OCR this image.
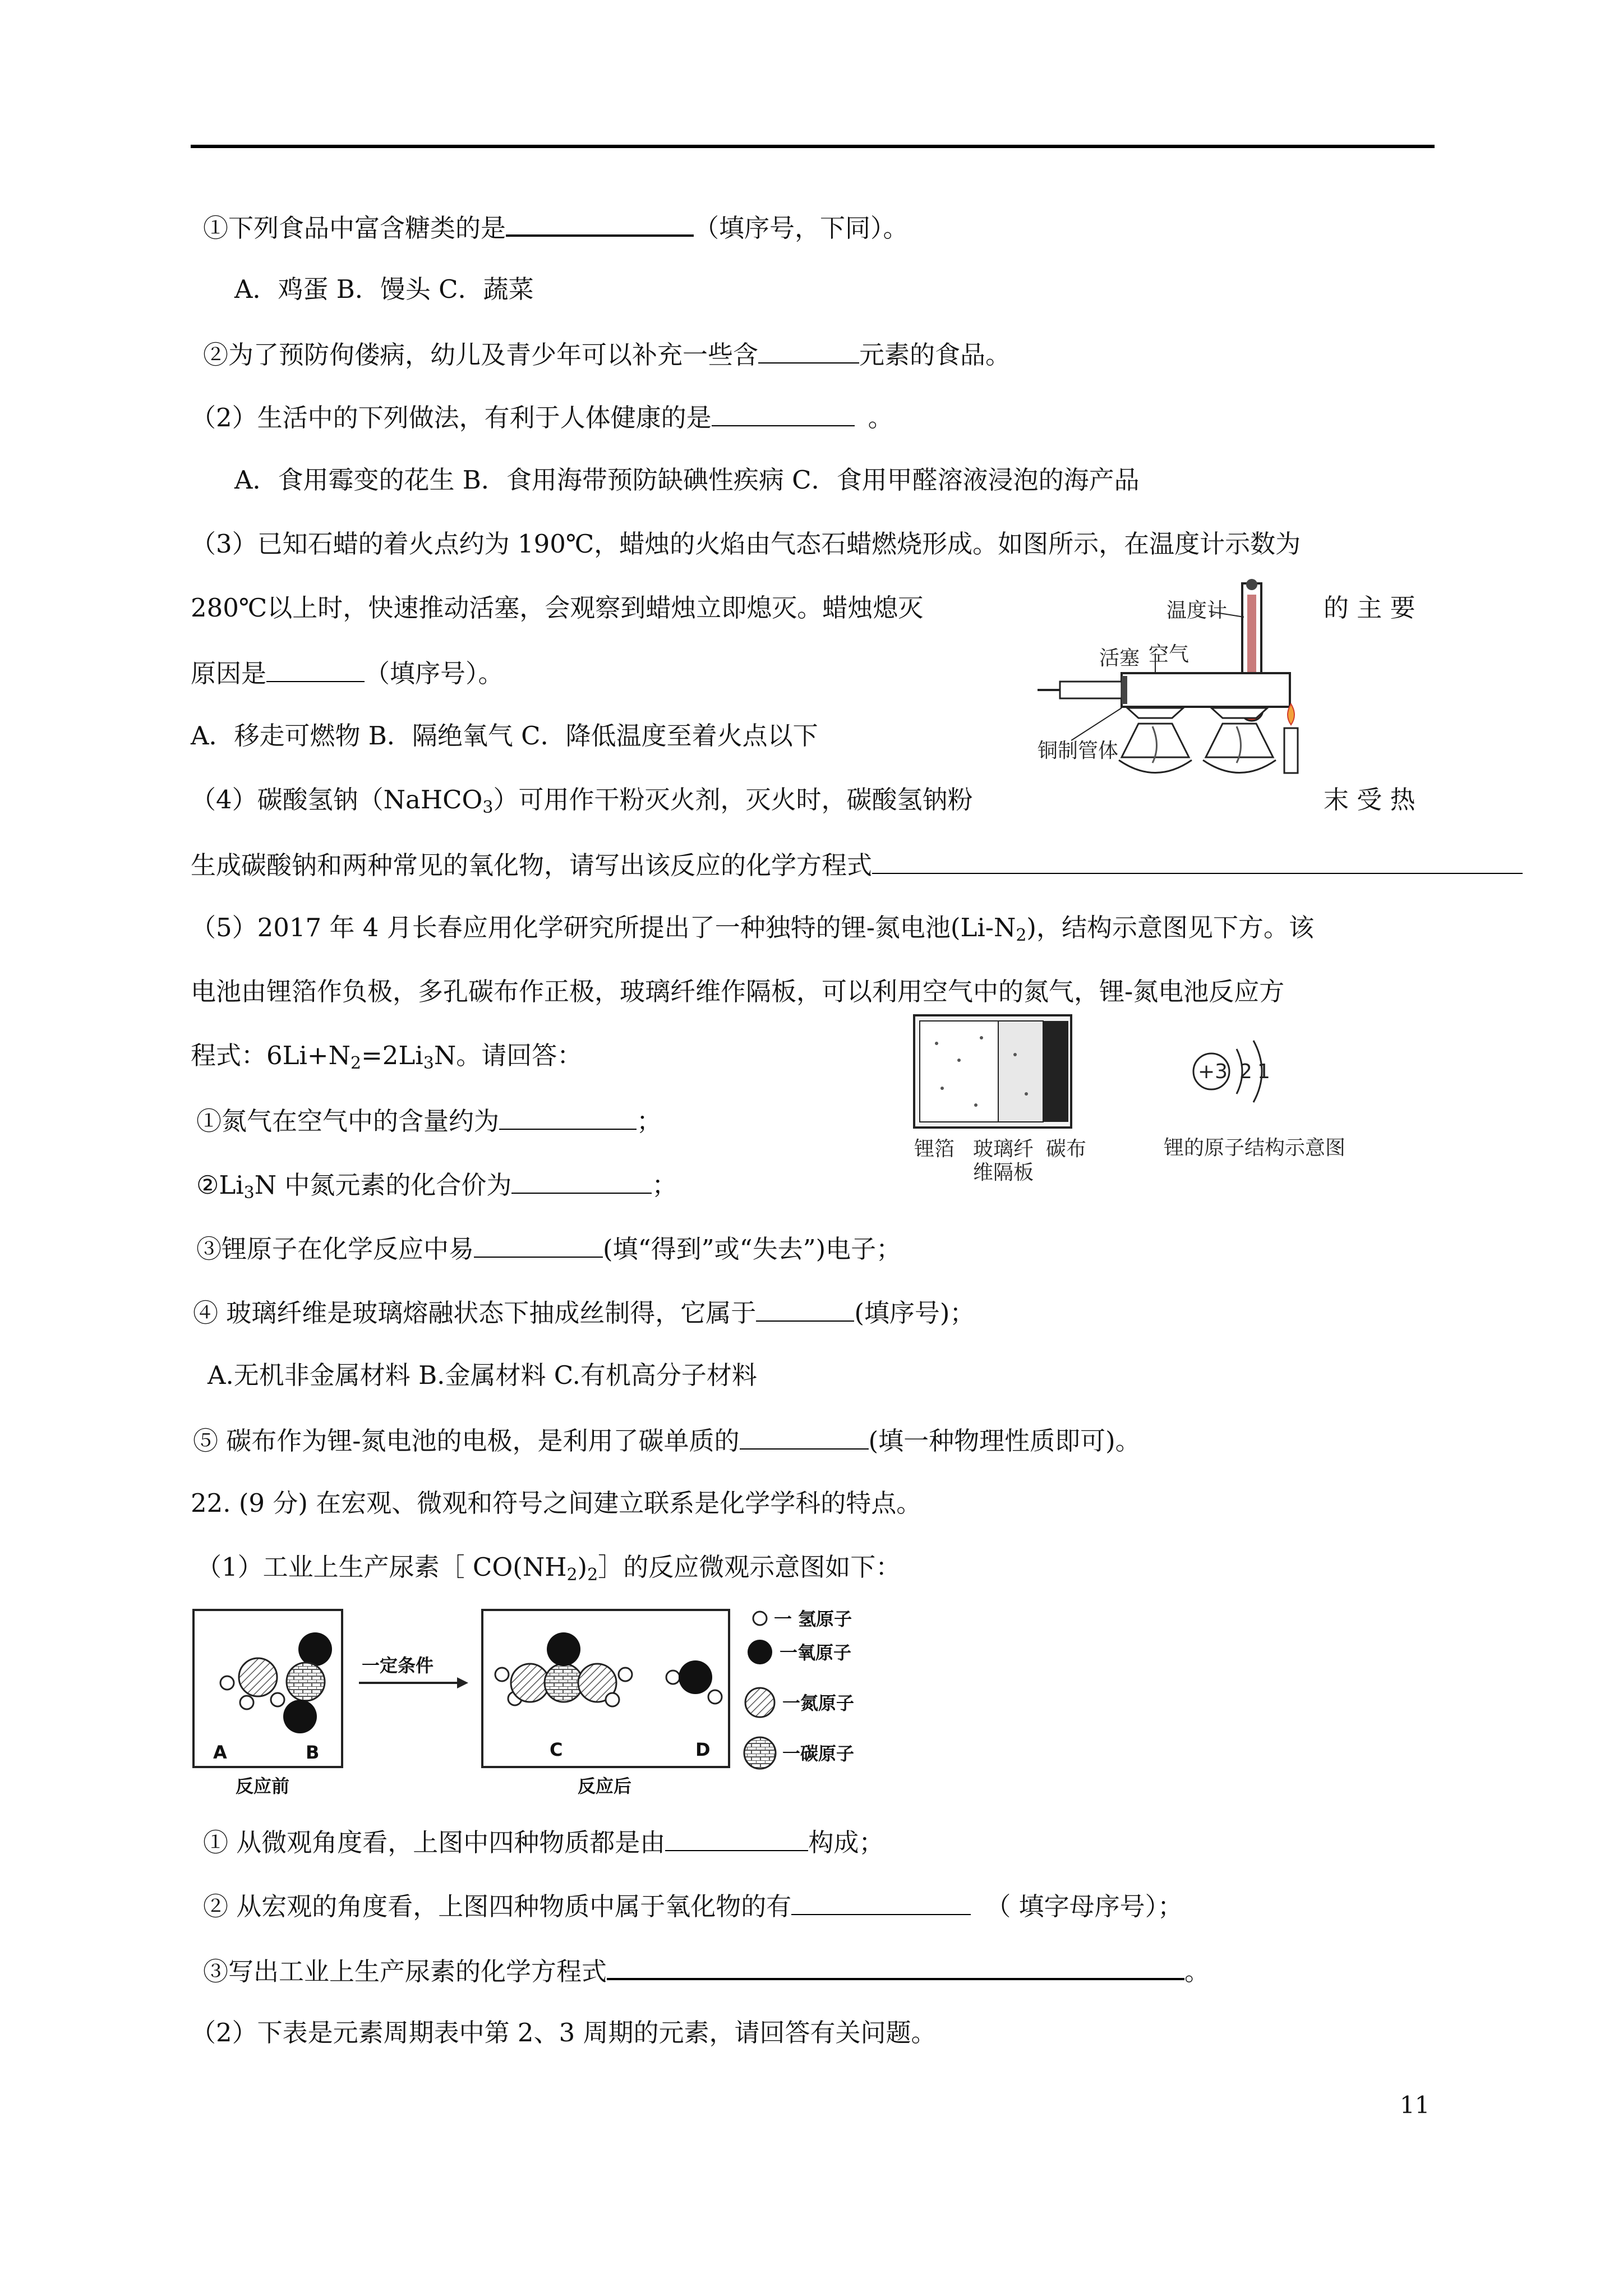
①下列食品中富含糖类的是	（填序号，下同）。
A．鸡蛋 B．馒头 C．蔬菜
②为了预防佝偻病，幼儿及青少年可以补充一些含	元素的食品。
（2）生活中的下列做法，有利于人体健康的是	。
A．食用霉变的花生 B．食用海带预防缺碘性疾病 C．食用甲醛溶液浸泡的海产品
（3）已知石蜡的着火点约为 190℃，蜡烛的火焰由气态石蜡燃烧形成。如图所示，在温度计示数为
280℃以上时，快速推动活塞，会观察到蜡烛立即熄灭。蜡烛熄灭	的 主 要
原因是	（填序号）。
A．移走可燃物 B．隔绝氧气 C．降低温度至着火点以下
（4）碳酸氢钠（NaHCO$_3$）可用作干粉灭火剂，灭火时，碳酸氢钠粉	末 受 热
生成碳酸钠和两种常见的氧化物，请写出该反应的化学方程式
（5）2017 年 4 月长春应用化学研究所提出了一种独特的锂-氮电池$(Li-N_2)$，结构示意图见下方。该
电池由锂箔作负极，多孔碳布作正极，玻璃纤维作隔板，可以利用空气中的氮气，锂-氮电池反应方
程式：$6Li+N_2=2Li_3N$。请回答：
①氮气在空气中的含量约为	；
$②Li_3N$ 中氮元素的化合价为	；
③锂原子在化学反应中易	(填“得到”或“失去”)电子；
④ 玻璃纤维是玻璃熔融状态下抽成丝制得，它属于	(填序号)；
A.无机非金属材料 B.金属材料 C.有机高分子材料
⑤ 碳布作为锂-氮电池的电极，是利用了碳单质的	(填一种物理性质即可)。
22. (9 分) 在宏观、微观和符号之间建立联系是化学学科的特点。
（1）工业上生产尿素［ $CO(NH_2)_2]$的反应微观示意图如下：
① 从微观角度看，上图中四种物质都是由	构成；
② 从宏观的角度看，上图四种物质中属于氧化物的有	（ 填字母序号）；
③写出工业上生产尿素的化学方程式	。
（2）下表是元素周期表中第 2、3 周期的元素，请回答有关问题。
温度计
活塞 空气
铜制管体
锂箔 玻璃纤
维隔板
碳布
+3 2 1
锂的原子结构示意图
A	B
反应前
一定条件
C	D
反应后
一 氢原子
一氧原子
一氮原子
一碳原子
11
